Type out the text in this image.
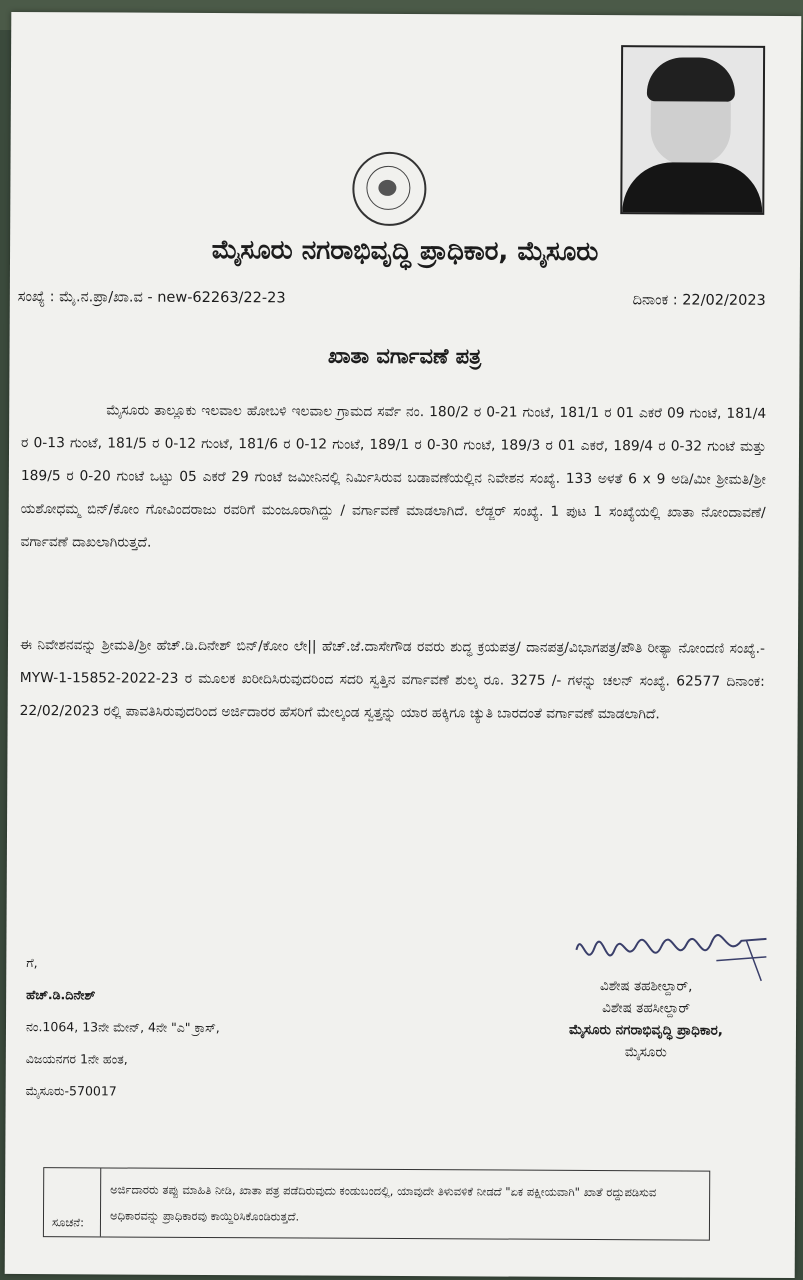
ಮೈಸೂರು ನಗರಾಭಿವೃದ್ಧಿ ಪ್ರಾಧಿಕಾರ, ಮೈಸೂರು
ಸಂಖ್ಯೆ : ಮೈ.ನ.ಪ್ರಾ/ಖಾ.ವ - new-62263/22-23	ದಿನಾಂಕ : 22/02/2023
ಖಾತಾ ವರ್ಗಾವಣೆ ಪತ್ರ
ಮೈಸೂರು ತಾಲ್ಲೂಕು ಇಲವಾಲ ಹೋಬಳಿ ಇಲವಾಲ ಗ್ರಾಮದ ಸರ್ವೆ ನಂ. 180/2 ರ 0-21 ಗುಂಟೆ, 181/1 ರ 01 ಎಕರೆ 09 ಗುಂಟೆ, 181/4 ರ 0-13 ಗುಂಟೆ, 181/5 ರ 0-12 ಗುಂಟೆ, 181/6 ರ 0-12 ಗುಂಟೆ, 189/1 ರ 0-30 ಗುಂಟೆ, 189/3 ರ 01 ಎಕರೆ, 189/4 ರ 0-32 ಗುಂಟೆ ಮತ್ತು 189/5 ರ 0-20 ಗುಂಟೆ ಒಟ್ಟು 05 ಎಕರೆ 29 ಗುಂಟೆ ಜಮೀನಿನಲ್ಲಿ ನಿರ್ಮಿಸಿರುವ ಬಡಾವಣೆಯಲ್ಲಿನ ನಿವೇಶನ ಸಂಖ್ಯೆ. 133 ಅಳತೆ 6 x 9 ಅಡಿ/ಮೀ ಶ್ರೀಮತಿ/ಶ್ರೀ ಯಶೋಧಮ್ಮ ಬಿನ್/ಕೋಂ ಗೋವಿಂದರಾಜು ರವರಿಗೆ ಮಂಜೂರಾಗಿದ್ದು / ವರ್ಗಾವಣೆ ಮಾಡಲಾಗಿದೆ. ಲೆಡ್ಜರ್ ಸಂಖ್ಯೆ. 1 ಪುಟ 1 ಸಂಖ್ಯೆಯಲ್ಲಿ ಖಾತಾ ನೋಂದಾವಣೆ/ ವರ್ಗಾವಣೆ ದಾಖಲಾಗಿರುತ್ತದೆ.
ಈ ನಿವೇಶನವನ್ನು ಶ್ರೀಮತಿ/ಶ್ರೀ ಹೆಚ್.ಡಿ.ದಿನೇಶ್ ಬಿನ್/ಕೋಂ ಲೇ|| ಹೆಚ್.ಜೆ.ದಾಸೇಗೌಡ ರವರು ಶುದ್ಧ ಕ್ರಯಪತ್ರ/ ದಾನಪತ್ರ/ವಿಭಾಗಪತ್ರ/ಪೌತಿ ರೀತ್ಯಾ ನೋಂದಣಿ ಸಂಖ್ಯೆ.- MYW-1-15852-2022-23 ರ ಮೂಲಕ ಖರೀದಿಸಿರುವುದರಿಂದ ಸದರಿ ಸ್ವತ್ತಿನ ವರ್ಗಾವಣೆ ಶುಲ್ಕ ರೂ. 3275 /- ಗಳನ್ನು ಚಲನ್ ಸಂಖ್ಯೆ. 62577 ದಿನಾಂಕ: 22/02/2023 ರಲ್ಲಿ ಪಾವತಿಸಿರುವುದರಿಂದ ಅರ್ಜಿದಾರರ ಹೆಸರಿಗೆ ಮೇಲ್ಕಂಡ ಸ್ವತ್ತನ್ನು ಯಾರ ಹಕ್ಕಿಗೂ ಚ್ಯುತಿ ಬಾರದಂತೆ ವರ್ಗಾವಣೆ ಮಾಡಲಾಗಿದೆ.
ಗೆ,
ಹೆಚ್.ಡಿ.ದಿನೇಶ್
ನಂ.1064, 13ನೇ ಮೇನ್, 4ನೇ "ಎ" ಕ್ರಾಸ್,
ವಿಜಯನಗರ 1ನೇ ಹಂತ,
ಮೈಸೂರು-570017
ವಿಶೇಷ ತಹಶೀಲ್ದಾರ್,
ವಿಶೇಷ ತಹಸೀಲ್ದಾರ್
ಮೈಸೂರು ನಗರಾಭಿವೃದ್ಧಿ ಪ್ರಾಧಿಕಾರ,
ಮೈಸೂರು
ಸೂಚನೆ:
ಅರ್ಜಿದಾರರು ತಪ್ಪು ಮಾಹಿತಿ ನೀಡಿ, ಖಾತಾ ಪತ್ರ ಪಡೆದಿರುವುದು ಕಂಡುಬಂದಲ್ಲಿ, ಯಾವುದೇ ತಿಳುವಳಿಕೆ ನೀಡದೆ "ಏಕ ಪಕ್ಷೀಯವಾಗಿ" ಖಾತೆ ರದ್ದುಪಡಿಸುವ ಅಧಿಕಾರವನ್ನು ಪ್ರಾಧಿಕಾರವು ಕಾಯ್ದಿರಿಸಿಕೊಂಡಿರುತ್ತದೆ.
